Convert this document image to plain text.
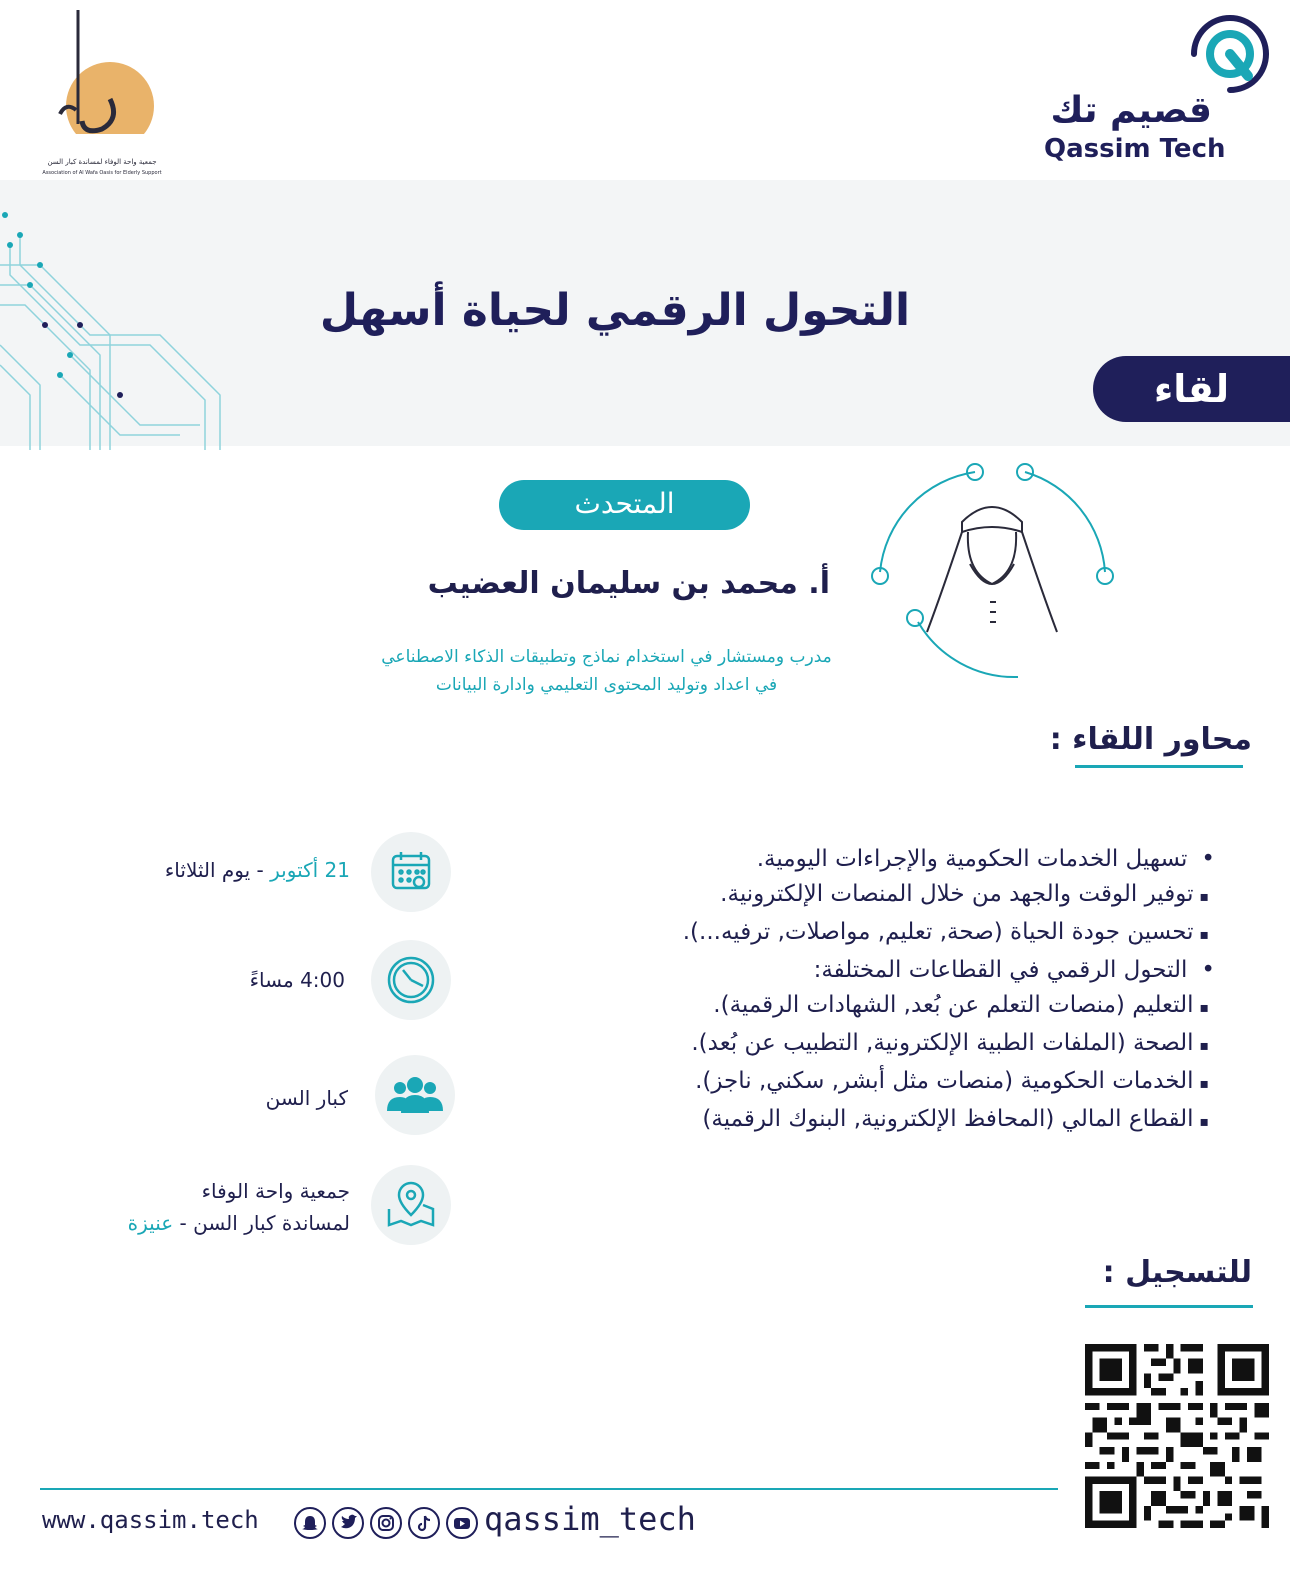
جمعية واحة الوفاء لمساندة كبار السن
Association of Al Wafa Oasis for Elderly Support
قصيم تك
Qassim Tech
التحول الرقمي لحياة أسهل
لقاء
المتحدث
أ. محمد بن سليمان العضيب
مدرب ومستشار في استخدام نماذج وتطبيقات الذكاء الاصطناعي
في اعداد وتوليد المحتوى التعليمي وادارة البيانات
محاور اللقاء :
•تسهيل الخدمات الحكومية والإجراءات اليومية.
▪توفير الوقت والجهد من خلال المنصات الإلكترونية.
▪تحسين جودة الحياة (صحة, تعليم, مواصلات, ترفيه...).
•التحول الرقمي في القطاعات المختلفة:
▪التعليم (منصات التعلم عن بُعد, الشهادات الرقمية).
▪الصحة (الملفات الطبية الإلكترونية, التطبيب عن بُعد).
▪الخدمات الحكومية (منصات مثل أبشر, سكني, ناجز).
▪القطاع المالي (المحافظ الإلكترونية, البنوك الرقمية)
21 أكتوبر - يوم الثلاثاء
4:00 مساءً
كبار السن
جمعية واحة الوفاء
لمساندة كبار السن - عنيزة
للتسجيل :
www.qassim.tech	qassim_tech
